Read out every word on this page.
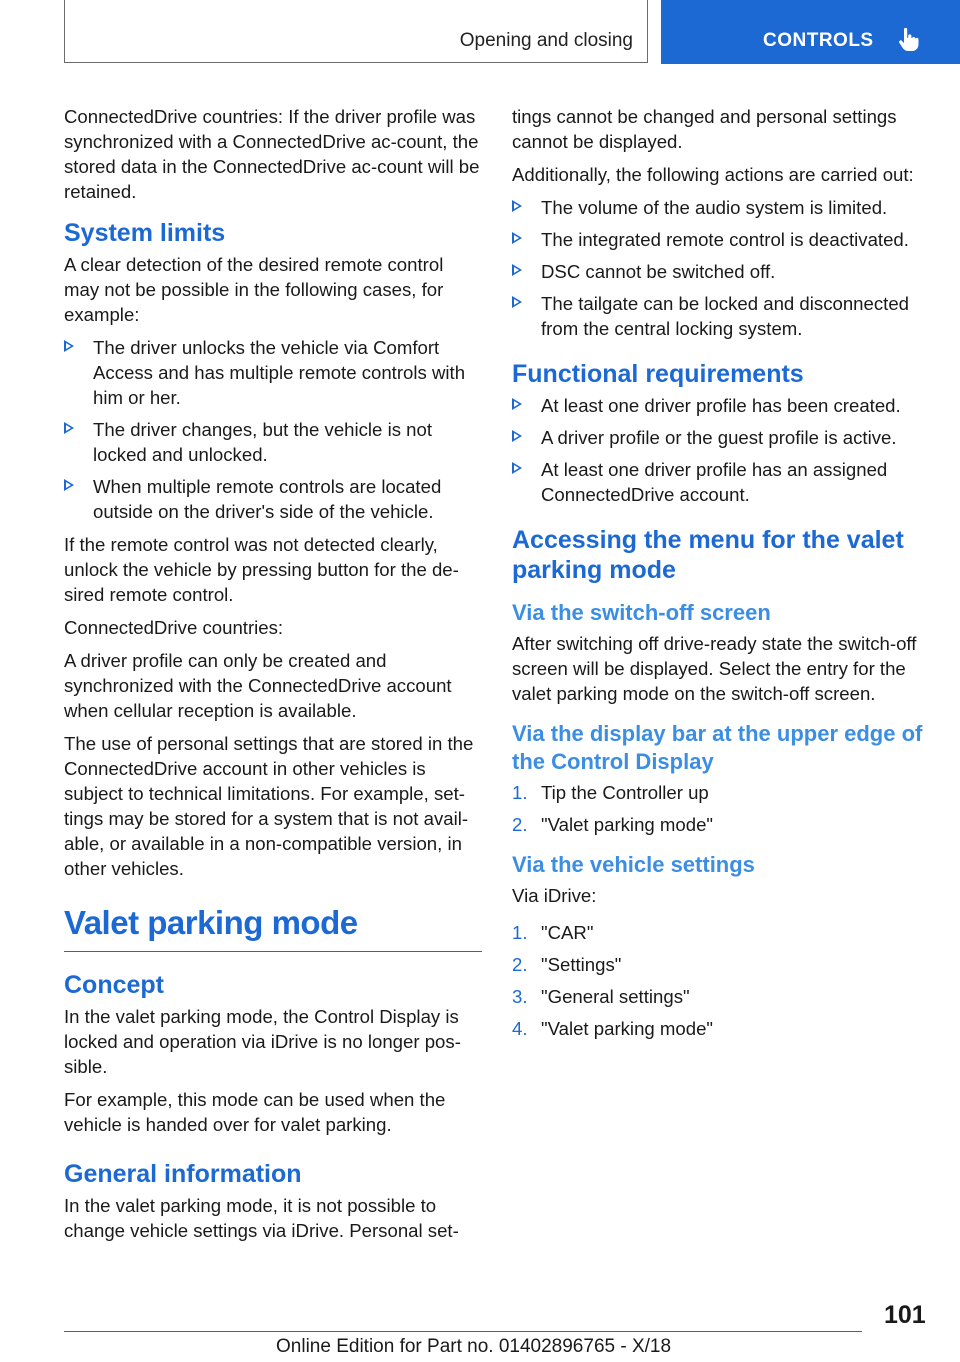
Opening and closing	CONTROLS

ConnectedDrive countries: If the driver profile was synchronized with a ConnectedDrive ac-count, the stored data in the ConnectedDrive ac-count will be retained.

System limits

A clear detection of the desired remote control may not be possible in the following cases, for example:

The driver unlocks the vehicle via Comfort Access and has multiple remote controls with him or her.
The driver changes, but the vehicle is not locked and unlocked.
When multiple remote controls are located outside on the driver's side of the vehicle.

If the remote control was not detected clearly, unlock the vehicle by pressing button for the de-sired remote control.

ConnectedDrive countries:

A driver profile can only be created and synchronized with the ConnectedDrive account when cellular reception is available.

The use of personal settings that are stored in the ConnectedDrive account in other vehicles is subject to technical limitations. For example, set-tings may be stored for a system that is not avail-able, or available in a non-compatible version, in other vehicles.

Valet parking mode
Concept

In the valet parking mode, the Control Display is locked and operation via iDrive is no longer pos-sible.

For example, this mode can be used when the vehicle is handed over for valet parking.

General information

In the valet parking mode, it is not possible to change vehicle settings via iDrive. Personal set-

tings cannot be changed and personal settings cannot be displayed.

Additionally, the following actions are carried out:

The volume of the audio system is limited.
The integrated remote control is deactivated.
DSC cannot be switched off.
The tailgate can be locked and disconnected from the central locking system.
Functional requirements
At least one driver profile has been created.
A driver profile or the guest profile is active.
At least one driver profile has an assigned ConnectedDrive account.
Accessing the menu for the valet parking mode
Via the switch-off screen

After switching off drive-ready state the switch-off screen will be displayed. Select the entry for the valet parking mode on the switch-off screen.

Via the display bar at the upper edge of the Control Display
1. Tip the Controller up
2. "Valet parking mode"
Via the vehicle settings

Via iDrive:

1. "CAR"
2. "Settings"
3. "General settings"
4. "Valet parking mode"
101
Online Edition for Part no. 01402896765 - X/18
